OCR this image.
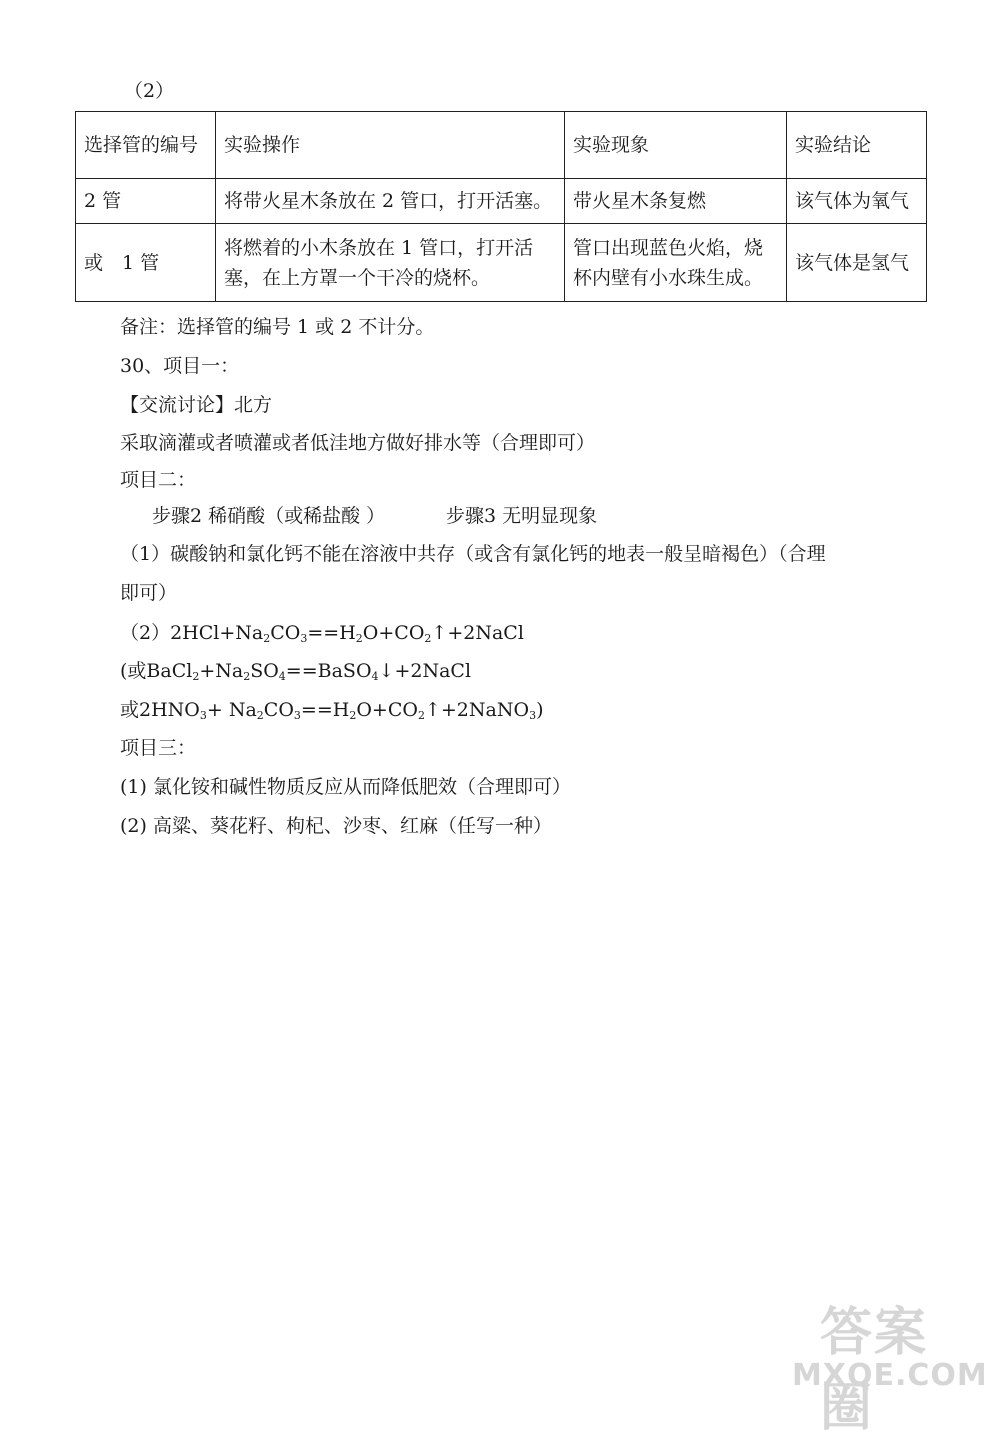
（2）
选择管的编号	实验操作	实验现象	实验结论
2 管	将带火星木条放在 2 管口，打开活塞。	带火星木条复燃	该气体为氧气
或　1 管	将燃着的小木条放在 1 管口，打开活塞，在上方罩一个干冷的烧杯。	管口出现蓝色火焰，烧杯内壁有小水珠生成。	该气体是氢气
备注：选择管的编号 1 或 2 不计分。
30、项目一：
【交流讨论】北方
采取滴灌或者喷灌或者低洼地方做好排水等（合理即可）
项目二：
步骤2 稀硝酸（或稀盐酸 ）	步骤3 无明显现象
（1）碳酸钠和氯化钙不能在溶液中共存（或含有氯化钙的地表一般呈暗褐色）（合理
即可）
$(2)2HCl+Na_2CO_3==H_2O+CO_2↑+2NaCl$
(或$BaCl_2+Na_2SO_4==BaSO_4↓+2NaCl$
或$2HNO_3+$ $Na_2CO_3==H_2O+CO_2↑+2NaNO_3$)
项目三：
(1) 氯化铵和碱性物质反应从而降低肥效（合理即可）
(2) 高粱、葵花籽、枸杞、沙枣、红麻（任写一种）
答案圈
MXQE.COM
